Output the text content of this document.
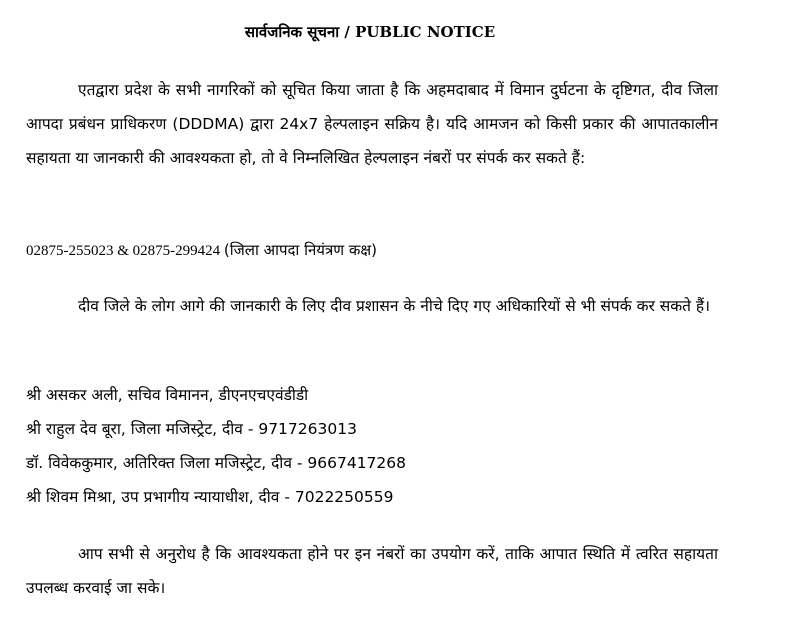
सार्वजनिक सूचना / PUBLIC NOTICE

एतद्वारा प्रदेश के सभी नागरिकों को सूचित किया जाता है कि अहमदाबाद में विमान दुर्घटना के दृष्टिगत, दीव जिला आपदा प्रबंधन प्राधिकरण (DDDMA) द्वारा 24x7 हेल्पलाइन सक्रिय है। यदि आमजन को किसी प्रकार की आपातकालीन सहायता या जानकारी की आवश्यकता हो, तो वे निम्नलिखित हेल्पलाइन नंबरों पर संपर्क कर सकते हैं:

02875-255023 & 02875-299424 (जिला आपदा नियंत्रण कक्ष)

दीव जिले के लोग आगे की जानकारी के लिए दीव प्रशासन के नीचे दिए गए अधिकारियों से भी संपर्क कर सकते हैं।

श्री असकर अली, सचिव विमानन, डीएनएचएवंडीडी
श्री राहुल देव बूरा, जिला मजिस्ट्रेट, दीव - 9717263013
डॉ. विवेककुमार, अतिरिक्त जिला मजिस्ट्रेट, दीव - 9667417268
श्री शिवम मिश्रा, उप प्रभागीय न्यायाधीश, दीव - 7022250559

आप सभी से अनुरोध है कि आवश्यकता होने पर इन नंबरों का उपयोग करें, ताकि आपात स्थिति में त्वरित सहायता उपलब्ध करवाई जा सके।
